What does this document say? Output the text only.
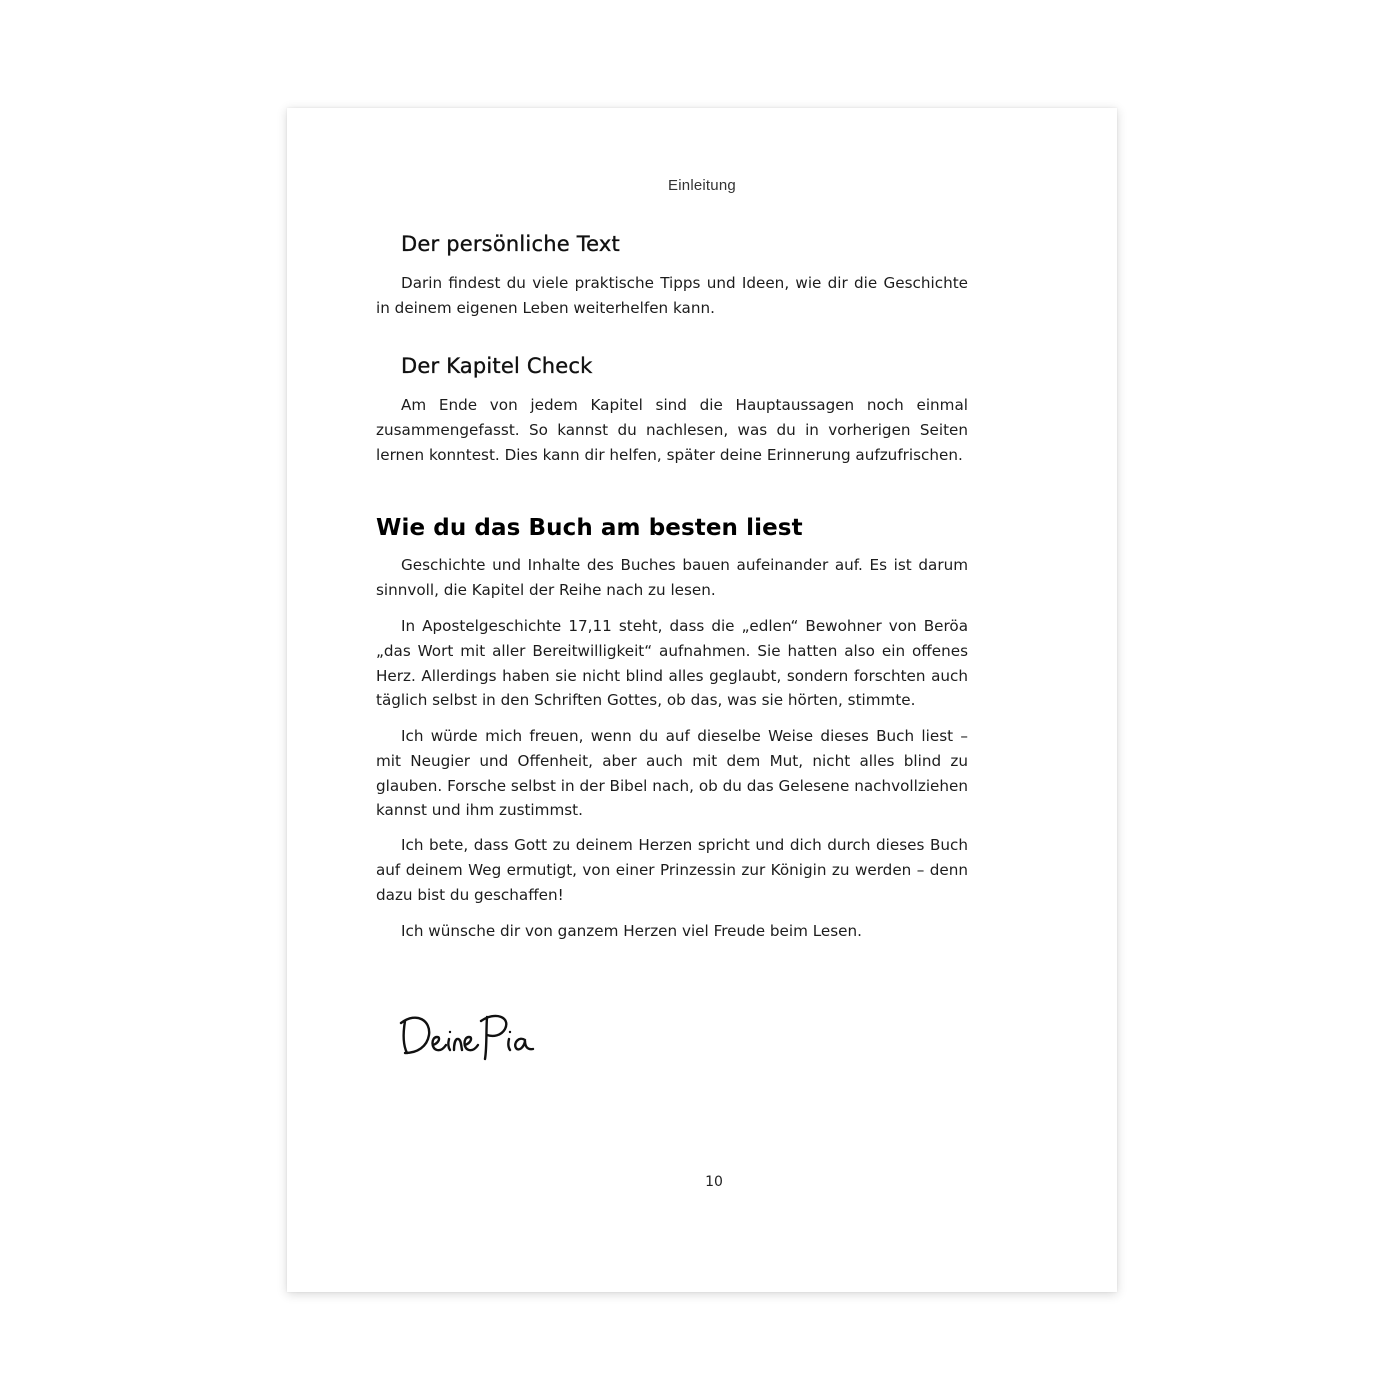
Einleitung
Der persönliche Text

Darin findest du viele praktische Tipps und Ideen, wie dir die Geschichte in deinem eigenen Leben weiterhelfen kann.

Der Kapitel Check

Am Ende von jedem Kapitel sind die Hauptaussagen noch einmal zusammengefasst. So kannst du nachlesen, was du in vorherigen Seiten lernen konntest. Dies kann dir helfen, später deine Erinnerung aufzufrischen.

Wie du das Buch am besten liest

Geschichte und Inhalte des Buches bauen aufeinander auf. Es ist darum sinnvoll, die Kapitel der Reihe nach zu lesen.

In Apostelgeschichte 17,11 steht, dass die „edlen“ Bewohner von Beröa „das Wort mit aller Bereitwilligkeit“ aufnahmen. Sie hatten also ein offenes Herz. Allerdings haben sie nicht blind alles geglaubt, sondern forschten auch täglich selbst in den Schriften Gottes, ob das, was sie hörten, stimmte.

Ich würde mich freuen, wenn du auf dieselbe Weise dieses Buch liest – mit Neugier und Offenheit, aber auch mit dem Mut, nicht alles blind zu glauben. Forsche selbst in der Bibel nach, ob du das Gelesene nachvollziehen kannst und ihm zustimmst.

Ich bete, dass Gott zu deinem Herzen spricht und dich durch dieses Buch auf deinem Weg ermutigt, von einer Prinzessin zur Königin zu werden – denn dazu bist du geschaffen!

Ich wünsche dir von ganzem Herzen viel Freude beim Lesen.

10
